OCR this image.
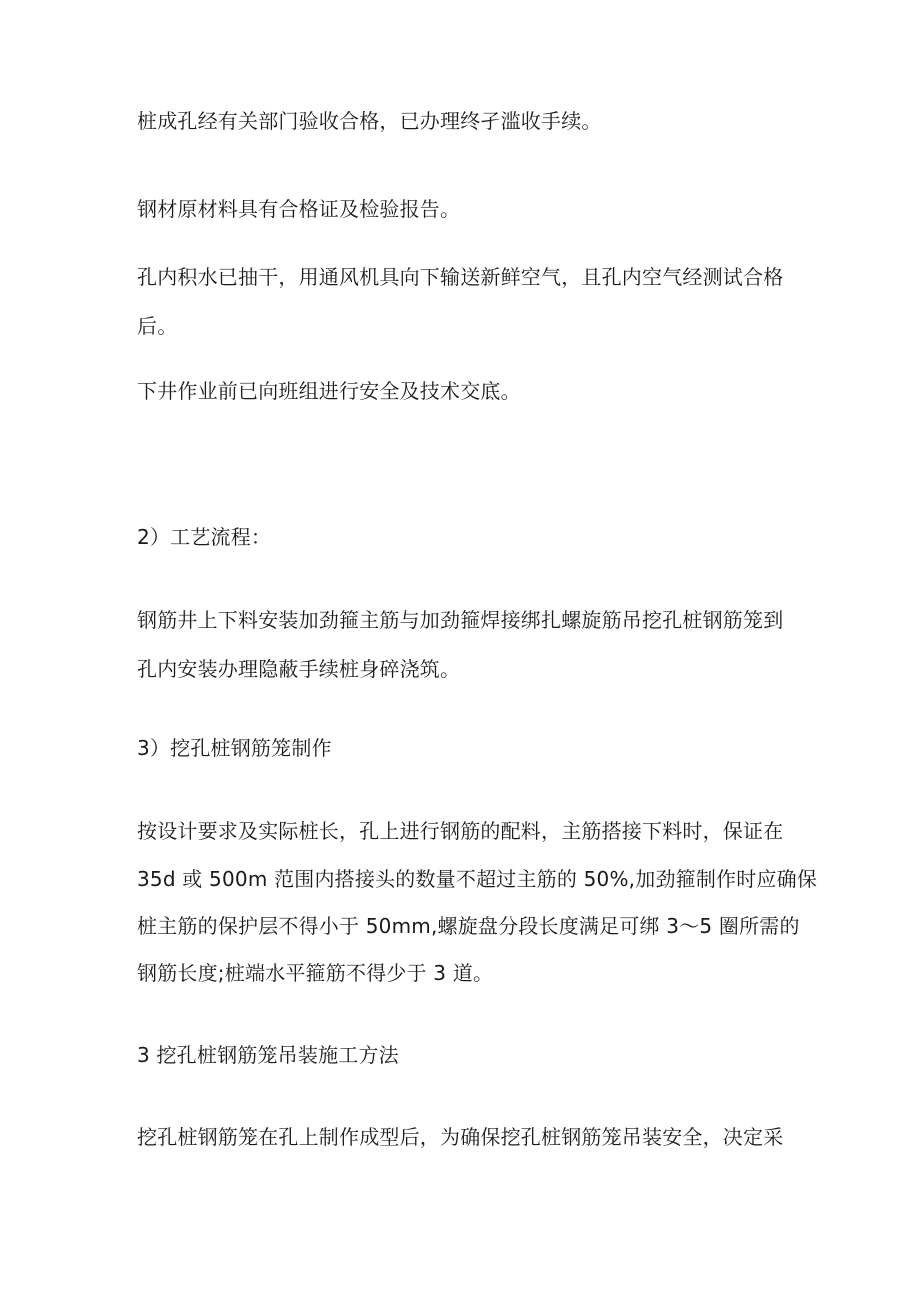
桩成孔经有关部门验收合格，已办理终孑滥收手续。

钢材原材料具有合格证及检验报告。

孔内积水已抽干，用通风机具向下输送新鲜空气，且孔内空气经测试合格

后。

下井作业前已向班组进行安全及技术交底。

2）工艺流程：

钢筋井上下料安装加劲箍主筋与加劲箍焊接绑扎螺旋筋吊挖孔桩钢筋笼到

孔内安装办理隐蔽手续桩身碎浇筑。

3）挖孔桩钢筋笼制作

按设计要求及实际桩长，孔上进行钢筋的配料，主筋搭接下料时，保证在

35d 或 500m 范围内搭接头的数量不超过主筋的 50%,加劲箍制作时应确保

桩主筋的保护层不得小于 50mm,螺旋盘分段长度满足可绑 3～5 圈所需的

钢筋长度;桩端水平箍筋不得少于 3 道。

3 挖孔桩钢筋笼吊装施工方法

挖孔桩钢筋笼在孔上制作成型后，为确保挖孔桩钢筋笼吊装安全，决定采
